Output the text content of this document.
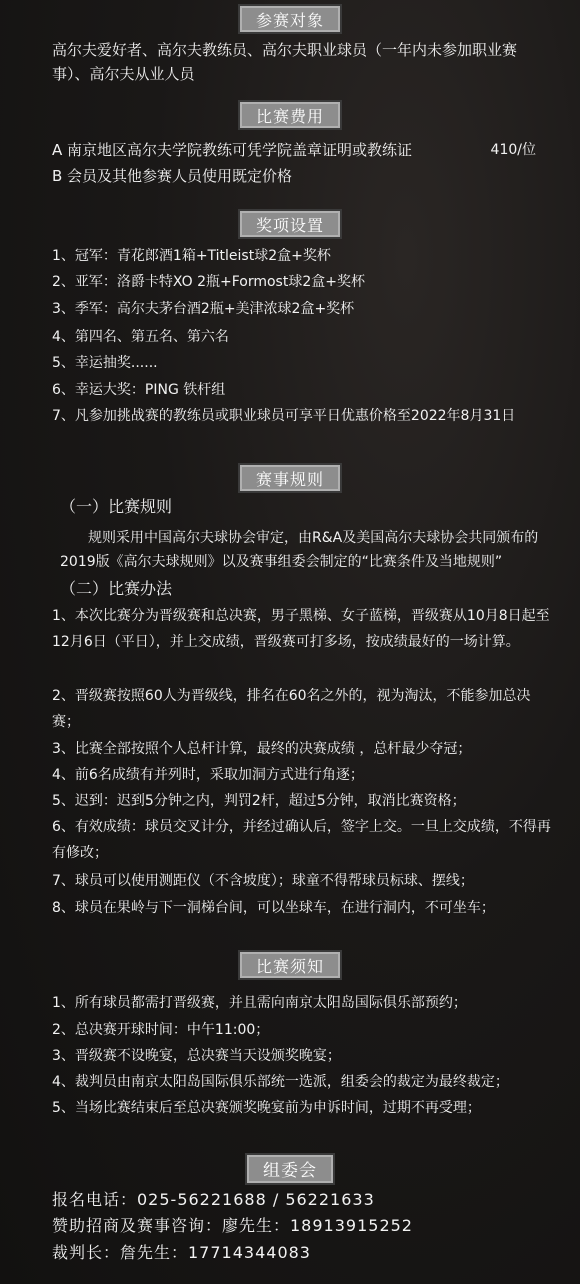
参赛对象
高尔夫爱好者、高尔夫教练员、高尔夫职业球员（一年内未参加职业赛事）、高尔夫从业人员
比赛费用
A 南京地区高尔夫学院教练可凭学院盖章证明或教练证	410/位
B 会员及其他参赛人员使用既定价格
奖项设置
1、冠军：青花郎酒1箱+Titleist球2盒+奖杯
2、亚军：洛爵卡特XO 2瓶+Formost球2盒+奖杯
3、季军：高尔夫茅台酒2瓶+美津浓球2盒+奖杯
4、第四名、第五名、第六名
5、幸运抽奖......
6、幸运大奖：PING 铁杆组
7、凡参加挑战赛的教练员或职业球员可享平日优惠价格至2022年8月31日
赛事规则
（一）比赛规则
规则采用中国高尔夫球协会审定，由R&A及美国高尔夫球协会共同颁布的2019版《高尔夫球规则》以及赛事组委会制定的“比赛条件及当地规则”
（二）比赛办法
1、本次比赛分为晋级赛和总决赛，男子黑梯、女子蓝梯，晋级赛从10月8日起至12月6日（平日），并上交成绩，晋级赛可打多场，按成绩最好的一场计算。
2、晋级赛按照60人为晋级线，排名在60名之外的，视为淘汰，不能参加总决赛；
3、比赛全部按照个人总杆计算，最终的决赛成绩 ，总杆最少夺冠；
4、前6名成绩有并列时，采取加洞方式进行角逐；
5、迟到：迟到5分钟之内，判罚2杆，超过5分钟，取消比赛资格；
6、有效成绩：球员交叉计分，并经过确认后，签字上交。一旦上交成绩，不得再有修改；
7、球员可以使用测距仪（不含坡度）；球童不得帮球员标球、摆线；
8、球员在果岭与下一洞梯台间，可以坐球车，在进行洞内，不可坐车；
比赛须知
1、所有球员都需打晋级赛，并且需向南京太阳岛国际俱乐部预约；
2、总决赛开球时间：中午11:00；
3、晋级赛不设晚宴，总决赛当天设颁奖晚宴；
4、裁判员由南京太阳岛国际俱乐部统一选派，组委会的裁定为最终裁定；
5、当场比赛结束后至总决赛颁奖晚宴前为申诉时间，过期不再受理；
组委会
报名电话：025-56221688 / 56221633
赞助招商及赛事咨询：廖先生：18913915252
裁判长：詹先生：17714344083
